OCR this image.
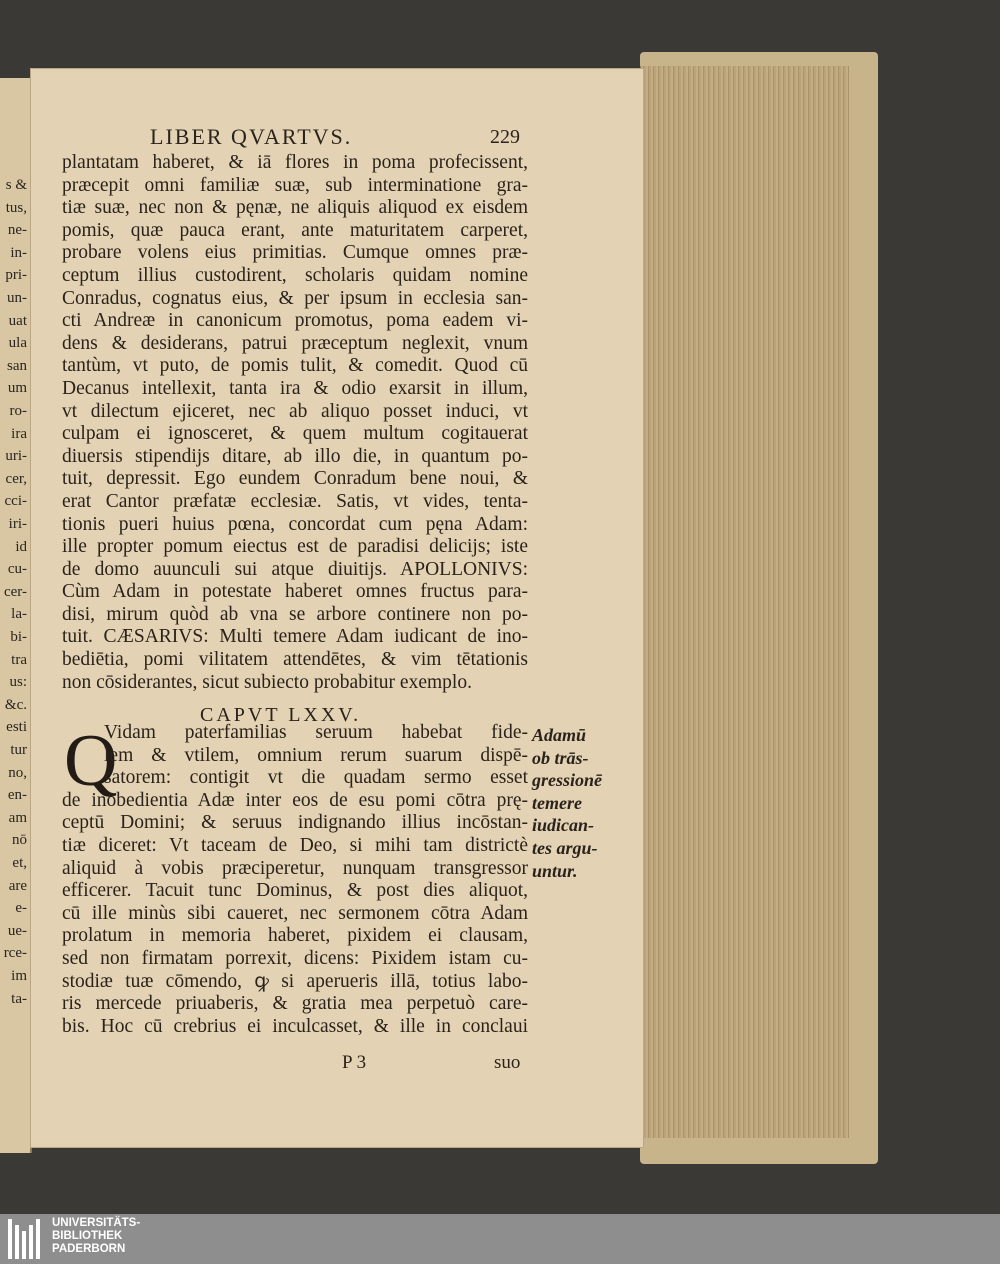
s &
tus,
ne-
in-
pri-
un-
uat
ula
san
um
ro-
ira
uri-
cer,
cci-
iri-
id
cu-
cer-
la-
bi-
tra
us:
&c.
esti
tur
no,
en-
am
nō
et,
are
e-
ue-
rce-
im
ta-
LIBER QVARTVS.	229
plantatam haberet, & iā flores in poma profecissent,
præcepit omni familiæ suæ, sub interminatione gra-
tiæ suæ, nec non & pęnæ, ne aliquis aliquod ex eisdem
pomis, quæ pauca erant, ante maturitatem carperet,
probare volens eius primitias. Cumque omnes præ-
ceptum illius custodirent, scholaris quidam nomine
Conradus, cognatus eius, & per ipsum in ecclesia san-
cti Andreæ in canonicum promotus, poma eadem vi-
dens & desiderans, patrui præceptum neglexit, vnum
tantùm, vt puto, de pomis tulit, & comedit. Quod cū
Decanus intellexit, tanta ira & odio exarsit in illum,
vt dilectum ejiceret, nec ab aliquo posset induci, vt
culpam ei ignosceret, & quem multum cogitauerat
diuersis stipendijs ditare, ab illo die, in quantum po-
tuit, depressit. Ego eundem Conradum bene noui, &
erat Cantor præfatæ ecclesiæ. Satis, vt vides, tenta-
tionis pueri huius pœna, concordat cum pęna Adam:
ille propter pomum eiectus est de paradisi delicijs; iste
de domo auunculi sui atque diuitijs. APOLLONIVS:
Cùm Adam in potestate haberet omnes fructus para-
disi, mirum quòd ab vna se arbore continere non po-
tuit. CÆSARIVS: Multi temere Adam iudicant de ino-
bediētia, pomi vilitatem attendētes, & vim tētationis
non cōsiderantes, sicut subiecto probabitur exemplo.
CAPVT LXXV.
Q
Vidam paterfamilias seruum habebat fide-
lem & vtilem, omnium rerum suarum dispē-
satorem: contigit vt die quadam sermo esset
de inobedientia Adæ inter eos de esu pomi cōtra prę-
ceptū Domini; & seruus indignando illius incōstan-
tiæ diceret: Vt taceam de Deo, si mihi tam districtè
aliquid à vobis præciperetur, nunquam transgressor
efficerer. Tacuit tunc Dominus, & post dies aliquot,
cū ille minùs sibi caueret, nec sermonem cōtra Adam
prolatum in memoria haberet, pixidem ei clausam,
sed non firmatam porrexit, dicens: Pixidem istam cu-
stodiæ tuæ cōmendo, ꝙ si aperueris illā, totius labo-
ris mercede priuaberis, & gratia mea perpetuò care-
bis. Hoc cū crebrius ei inculcasset, & ille in conclaui
Adamū
ob trās-
gressionē
temere
iudican-
tes argu-
untur.
P 3	suo
UNIVERSITÄTS-
BIBLIOTHEK
PADERBORN
